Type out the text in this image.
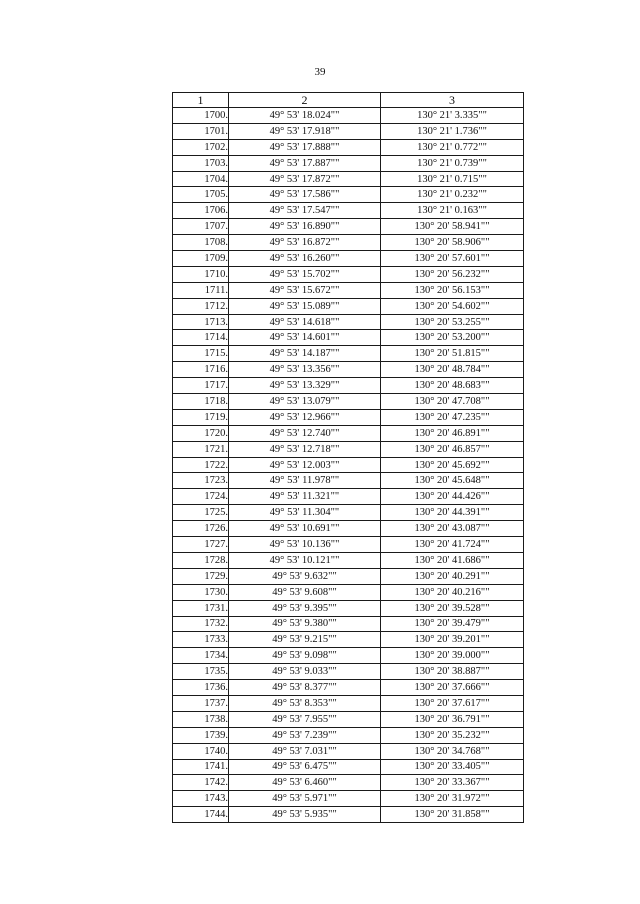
39
1	2	3
1700.	49° 53' 18.024""	130° 21' 3.335""
1701.	49° 53' 17.918""	130° 21' 1.736""
1702.	49° 53' 17.888""	130° 21' 0.772""
1703.	49° 53' 17.887""	130° 21' 0.739""
1704.	49° 53' 17.872""	130° 21' 0.715""
1705.	49° 53' 17.586""	130° 21' 0.232""
1706.	49° 53' 17.547""	130° 21' 0.163""
1707.	49° 53' 16.890""	130° 20' 58.941""
1708.	49° 53' 16.872""	130° 20' 58.906""
1709.	49° 53' 16.260""	130° 20' 57.601""
1710.	49° 53' 15.702""	130° 20' 56.232""
1711.	49° 53' 15.672""	130° 20' 56.153""
1712.	49° 53' 15.089""	130° 20' 54.602""
1713.	49° 53' 14.618""	130° 20' 53.255""
1714.	49° 53' 14.601""	130° 20' 53.200""
1715.	49° 53' 14.187""	130° 20' 51.815""
1716.	49° 53' 13.356""	130° 20' 48.784""
1717.	49° 53' 13.329""	130° 20' 48.683""
1718.	49° 53' 13.079""	130° 20' 47.708""
1719.	49° 53' 12.966""	130° 20' 47.235""
1720.	49° 53' 12.740""	130° 20' 46.891""
1721.	49° 53' 12.718""	130° 20' 46.857""
1722.	49° 53' 12.003""	130° 20' 45.692""
1723.	49° 53' 11.978""	130° 20' 45.648""
1724.	49° 53' 11.321""	130° 20' 44.426""
1725.	49° 53' 11.304""	130° 20' 44.391""
1726.	49° 53' 10.691""	130° 20' 43.087""
1727.	49° 53' 10.136""	130° 20' 41.724""
1728.	49° 53' 10.121""	130° 20' 41.686""
1729.	49° 53' 9.632""	130° 20' 40.291""
1730.	49° 53' 9.608""	130° 20' 40.216""
1731.	49° 53' 9.395""	130° 20' 39.528""
1732.	49° 53' 9.380""	130° 20' 39.479""
1733.	49° 53' 9.215""	130° 20' 39.201""
1734.	49° 53' 9.098""	130° 20' 39.000""
1735.	49° 53' 9.033""	130° 20' 38.887""
1736.	49° 53' 8.377""	130° 20' 37.666""
1737.	49° 53' 8.353""	130° 20' 37.617""
1738.	49° 53' 7.955""	130° 20' 36.791""
1739.	49° 53' 7.239""	130° 20' 35.232""
1740.	49° 53' 7.031""	130° 20' 34.768""
1741.	49° 53' 6.475""	130° 20' 33.405""
1742.	49° 53' 6.460""	130° 20' 33.367""
1743.	49° 53' 5.971""	130° 20' 31.972""
1744.	49° 53' 5.935""	130° 20' 31.858""
